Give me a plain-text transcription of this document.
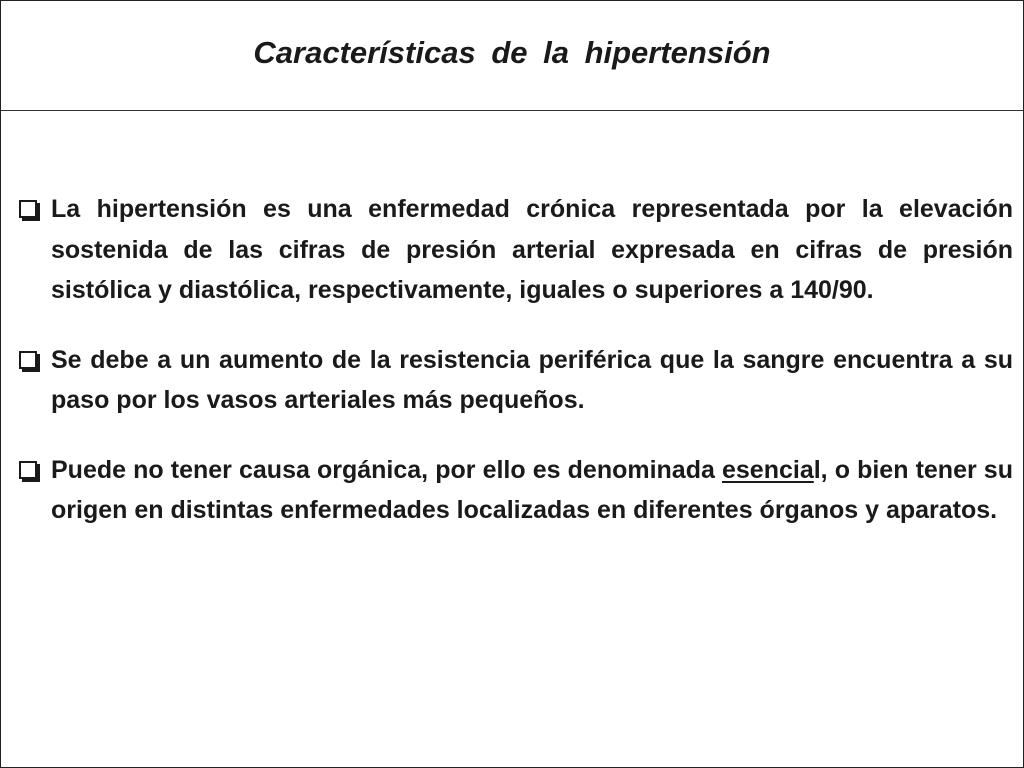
Características de la hipertensión
La hipertensión es una enfermedad crónica representada por la elevación sostenida de las cifras de presión arterial expresada en cifras de presión sistólica y diastólica, respectivamente, iguales o superiores a 140/90.
Se debe a un aumento de la resistencia periférica que la sangre encuentra a su paso por los vasos arteriales más pequeños.
Puede no tener causa orgánica, por ello es denominada esencial, o bien tener su origen en distintas enfermedades localizadas en diferentes órganos y aparatos.
